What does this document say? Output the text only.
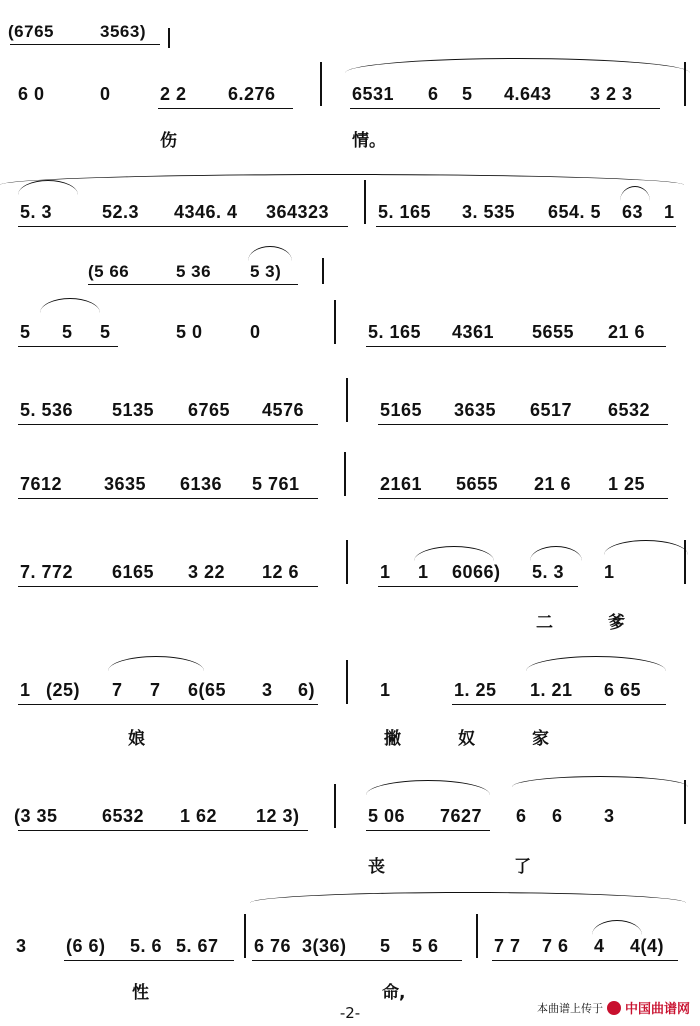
(6765	3563)
6 0	0	2 2 6.276	6531 6 5 4.643 3 2 3
伤	情。
5. 3	52.3 4346. 4 364323	5. 165 3. 535 654. 5 63 1
(5 66	5 36 5 3)
5 5 5	5 0	0	5. 165 4361 5655 21 6
5. 536 5135 6765 4576	5165 3635 6517 6532
7612 3635 6136 5 761	2161 5655 21 6 1 25
7. 772 6165 3 22 12 6	1 1 6066) 5. 3 1
二	爹
1 (25) 7 7 6(65 3 6)	1	1. 25 1. 21 6 65
娘	撇	奴	家
(3 35 6532 1 62 12 3)	5 06 7627 6 6 3
丧	了
3 (6 6) 5. 6 5. 67 6 76 3(36) 5 5 6	7 7 7 6 4 4(4)
性	命,
-2-	本曲谱上传于 中国曲谱网
